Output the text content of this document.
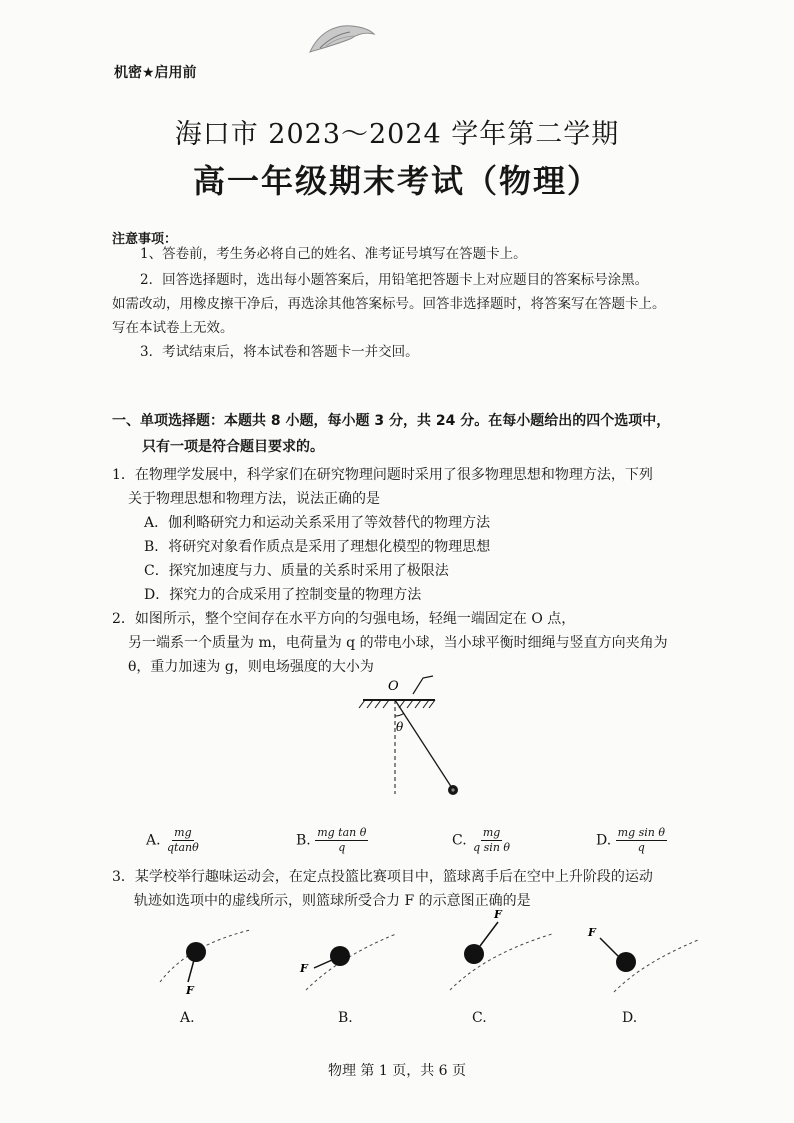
机密★启用前
海口市 2023～2024 学年第二学期
高一年级期末考试（物理）
注意事项：
1、答卷前，考生务必将自己的姓名、准考证号填写在答题卡上。
2．回答选择题时，选出每小题答案后，用铅笔把答题卡上对应题目的答案标号涂黑。
如需改动，用橡皮擦干净后，再选涂其他答案标号。回答非选择题时，将答案写在答题卡上。
写在本试卷上无效。
3．考试结束后，将本试卷和答题卡一并交回。
一、单项选择题：本题共 8 小题，每小题 3 分，共 24 分。在每小题给出的四个选项中，
只有一项是符合题目要求的。
1．在物理学发展中，科学家们在研究物理问题时采用了很多物理思想和物理方法，下列
关于物理思想和物理方法，说法正确的是
A．伽利略研究力和运动关系采用了等效替代的物理方法
B．将研究对象看作质点是采用了理想化模型的物理思想
C．探究加速度与力、质量的关系时采用了极限法
D．探究力的合成采用了控制变量的物理方法
2．如图所示，整个空间存在水平方向的匀强电场，轻绳一端固定在 O 点，
另一端系一个质量为 m，电荷量为 q 的带电小球，当小球平衡时细绳与竖直方向夹角为
θ，重力加速为 g，则电场强度的大小为
O
θ
A. $\frac{mg}{qtan\theta}$	B. $\frac{\text{mg tan θ}}{q}$	C. $\frac{mg}{\text{q sin θ}}$	D. $\frac{\text{mg sin θ}}{q}$
3．某学校举行趣味运动会，在定点投篮比赛项目中，篮球离手后在空中上升阶段的运动
轨迹如选项中的虚线所示，则篮球所受合力 F 的示意图正确的是
F
F
F
F
A.	B.	C.	D.
物理 第 1 页，共 6 页
